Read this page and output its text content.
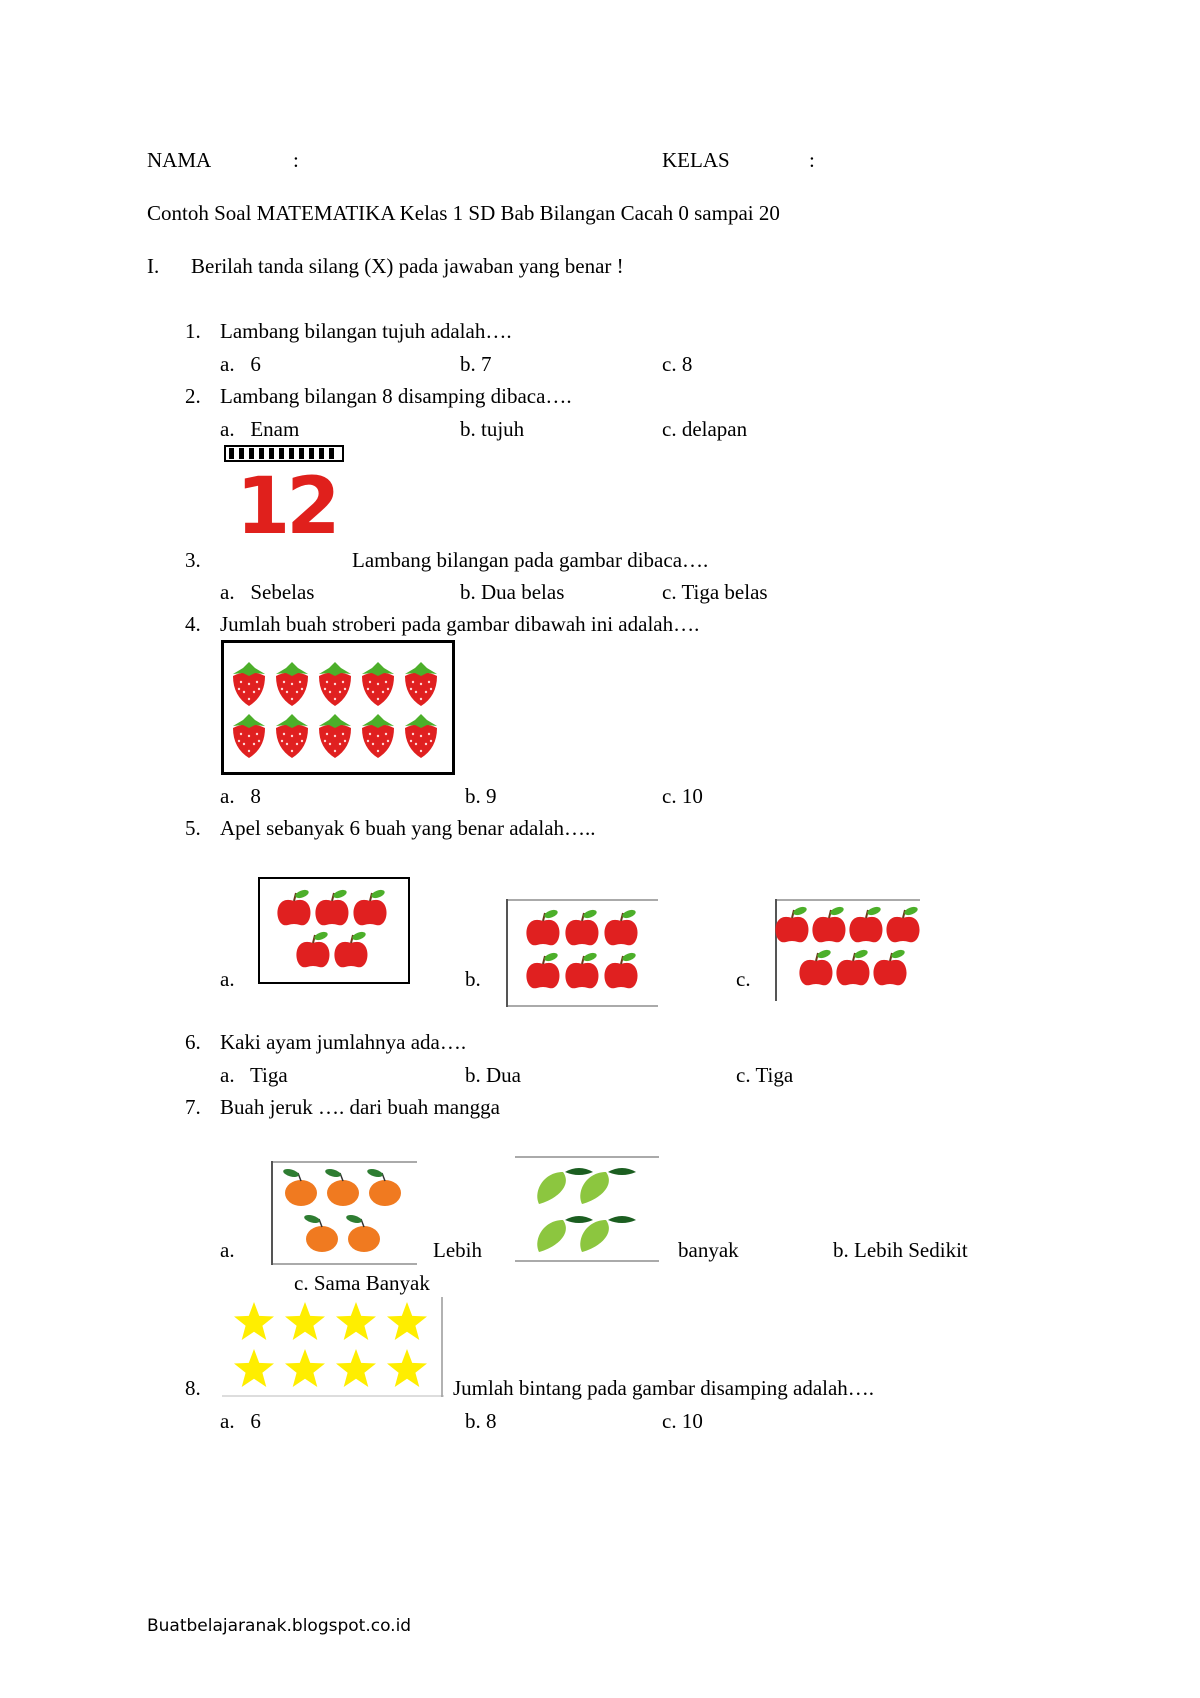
NAMA	:	KELAS	:
Contoh Soal MATEMATIKA Kelas 1 SD Bab Bilangan Cacah 0 sampai 20
I. Berilah tanda silang (X) pada jawaban yang benar !
1. Lambang bilangan tujuh adalah….
a.   6	b. 7	c. 8
2. Lambang bilangan 8 disamping dibaca….
a.   Enam	b. tujuh	c. delapan
12
3.	Lambang bilangan pada gambar dibaca….
a.   Sebelas	b. Dua belas	c. Tiga belas
4. Jumlah buah stroberi pada gambar dibawah ini adalah….
a.   8	b. 9	c. 10
5. Apel sebanyak 6 buah yang benar adalah…..
a.	b.	c.
6. Kaki ayam jumlahnya ada….
a.   Tiga	b. Dua	c. Tiga
7. Buah jeruk …. dari buah mangga
a.	Lebih	banyak	b. Lebih Sedikit
c. Sama Banyak
8.	Jumlah bintang pada gambar disamping adalah….
a.   6	b. 8	c. 10
Buatbelajaranak.blogspot.co.id
